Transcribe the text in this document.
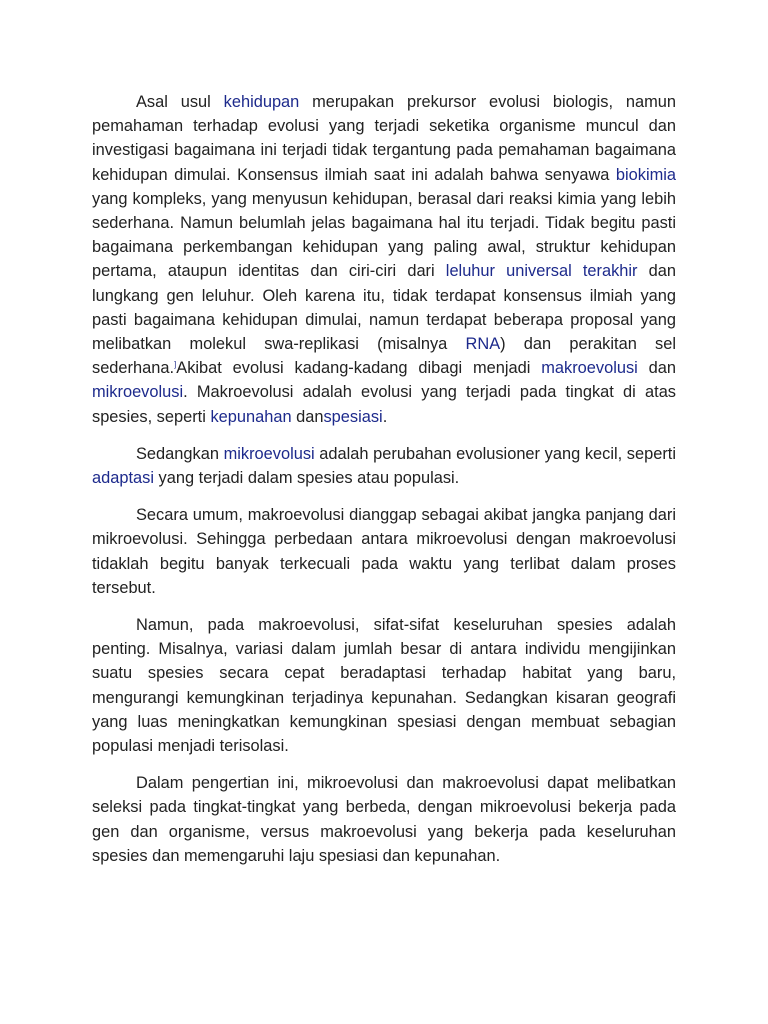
Asal usul kehidupan merupakan prekursor evolusi biologis, namun pemahaman terhadap evolusi yang terjadi seketika organisme muncul dan investigasi bagaimana ini terjadi tidak tergantung pada pemahaman bagaimana kehidupan dimulai. Konsensus ilmiah saat ini adalah bahwa senyawa biokimia yang kompleks, yang menyusun kehidupan, berasal dari reaksi kimia yang lebih sederhana. Namun belumlah jelas bagaimana hal itu terjadi. Tidak begitu pasti bagaimana perkembangan kehidupan yang paling awal, struktur kehidupan pertama, ataupun identitas dan ciri-ciri dari leluhur universal terakhir dan lungkang gen leluhur. Oleh karena itu, tidak terdapat konsensus ilmiah yang pasti bagaimana kehidupan dimulai, namun terdapat beberapa proposal yang melibatkan molekul swa-replikasi (misalnya RNA) dan perakitan sel sederhana.]Akibat evolusi kadang-kadang dibagi menjadi makroevolusi dan mikroevolusi. Makroevolusi adalah evolusi yang terjadi pada tingkat di atas spesies, seperti kepunahan danspesiasi.

Sedangkan mikroevolusi adalah perubahan evolusioner yang kecil, seperti adaptasi yang terjadi dalam spesies atau populasi.

Secara umum, makroevolusi dianggap sebagai akibat jangka panjang dari mikroevolusi. Sehingga perbedaan antara mikroevolusi dengan makroevolusi tidaklah begitu banyak terkecuali pada waktu yang terlibat dalam proses tersebut.

Namun, pada makroevolusi, sifat-sifat keseluruhan spesies adalah penting. Misalnya, variasi dalam jumlah besar di antara individu mengijinkan suatu spesies secara cepat beradaptasi terhadap habitat yang baru, mengurangi kemungkinan terjadinya kepunahan. Sedangkan kisaran geografi yang luas meningkatkan kemungkinan spesiasi dengan membuat sebagian populasi menjadi terisolasi.

Dalam pengertian ini, mikroevolusi dan makroevolusi dapat melibatkan seleksi pada tingkat-tingkat yang berbeda, dengan mikroevolusi bekerja pada gen dan organisme, versus makroevolusi yang bekerja pada keseluruhan spesies dan memengaruhi laju spesiasi dan kepunahan.
